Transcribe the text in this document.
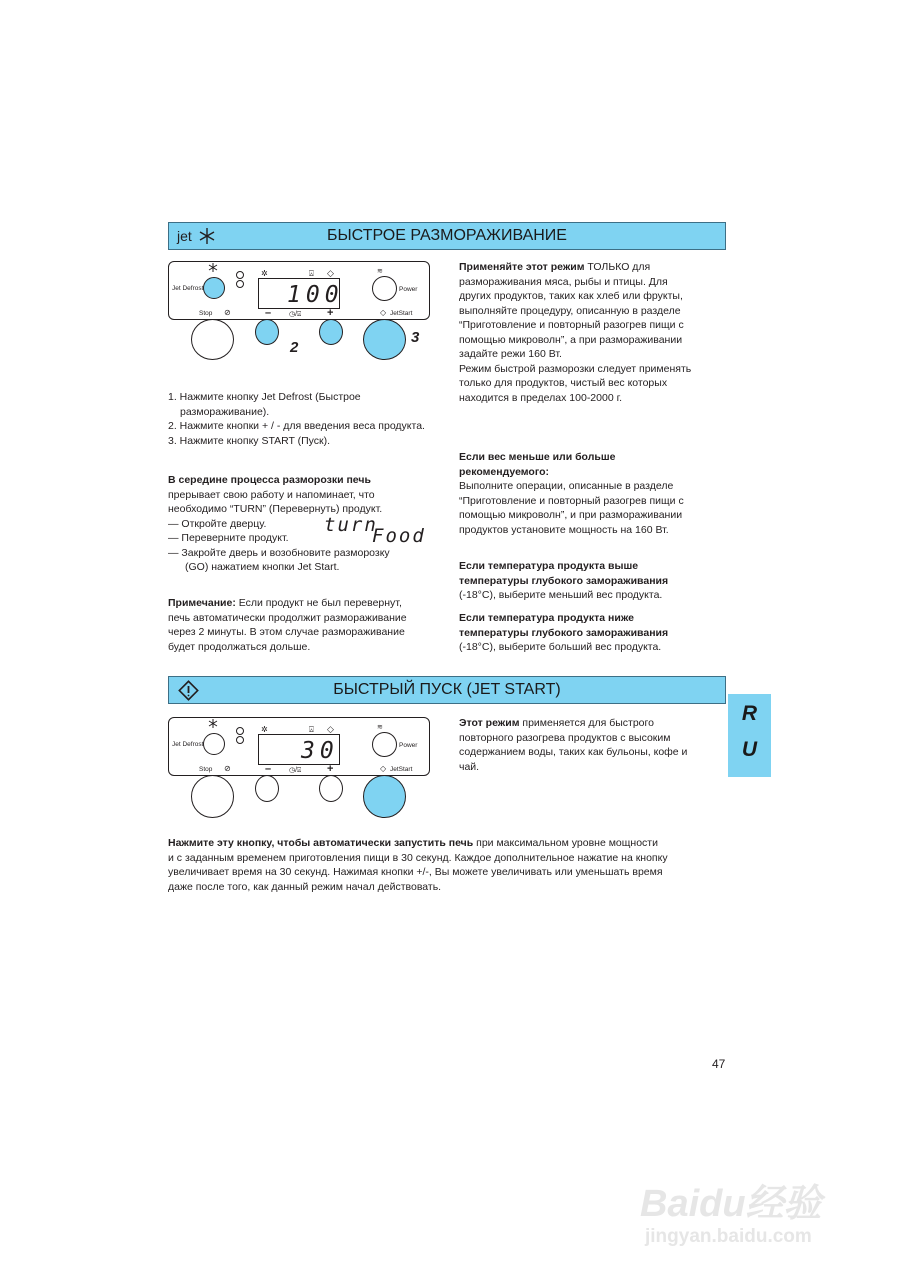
jet	БЫСТРОЕ РАЗМОРАЖИВАНИЕ
Jet Defrost	100
✲	⍓ ◇	≋
Power
Stop ⊘	–	◷/⍓ +	◇ JetStart
2
3

1. Нажмите кнопку Jet Defrost (Быстрое

разморaживание).

2. Нажмите кнопки + / - для введения веса продукта.

3. Нажмите кнопку START (Пуск).

В середине процесса разморозки печь

прерывает свою работу и напоминает, что

необходимо “TURN” (Перевернуть) продукт.

— Откройте дверцу.

— Переверните продукт.

— Закройте дверь и возобновите разморозку

(GO) нажатием кнопки Jet Start.

turn
Food

Примечание: Если продукт не был перевернут,

печь автоматически продолжит размораживание

через 2 минуты. В этом случае размораживание

будет продолжаться дольше.

Применяйте этот режим ТОЛЬКО для

размораживания мяса, рыбы и птицы. Для

других продуктов, таких как хлеб или фрукты,

выполняйте процедуру, описанную в разделе

“Приготовление и повторный разогрев пищи с

помощью микроволн”, а при размораживании

задайте режи 160 Вт.

Режим быстрой разморозки следует применять

только для продуктов, чистый вес которых

находится в пределах 100-2000 г.

Если вес меньше или больше

рекомендуемого:

Выполните операции, описанные в разделе

“Приготовление и повторный разогрев пищи с

помощью микроволн”, и при размораживании

продуктов установите мощность на 160 Вт.

Если температура продукта выше

температуры глубокого замораживания

(-18°C), выберите меньший вес продукта.

Если температура продукта ниже

температуры глубокого замораживания

(-18°C), выберите больший вес продукта.

БЫСТРЫЙ ПУСК (JET START)
Jet Defrost	30
✲	⍓ ◇	≋
Power
Stop ⊘	–	◷/⍓ +	◇ JetStart

Этот режим применяется для быстрого

повторного разогрева продуктов с высоким

содержанием воды, таких как бульоны, кофе и

чай.

Нажмите эту кнопку, чтобы автоматически запустить печь при максимальном уровне мощности

и с заданным временем приготовления пищи в 30 секунд. Каждое дополнительное нажатие на кнопку

увеличивает время на 30 секунд. Нажимая кнопки +/-, Вы можете увеличивать или уменьшать время

даже после того, как данный режим начал действовать.

R
U
47
Baidu经验
jingyan.baidu.com
